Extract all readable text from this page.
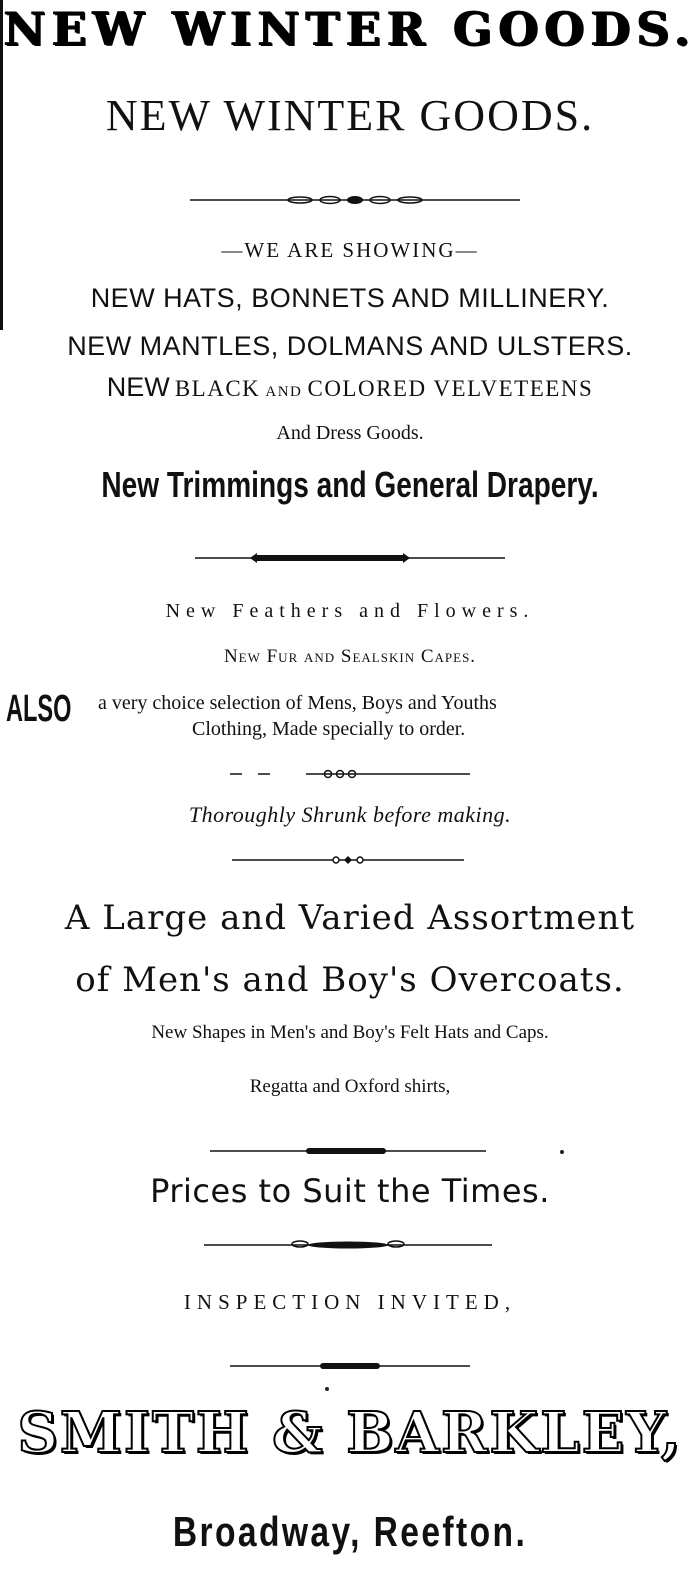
NEW WINTER GOODS.
NEW WINTER GOODS.
—WE ARE SHOWING—
NEW HATS, BONNETS AND MILLINERY.
NEW MANTLES, DOLMANS AND ULSTERS.
NEW BLACK AND COLORED VELVETEENS
And Dress Goods.
New Trimmings and General Drapery.
New Feathers and Flowers.
New Fur and Sealskin Capes.
ALSO a very choice selection of Mens, Boys and Youths
Clothing, Made specially to order.
Thoroughly Shrunk before making.
A Large and Varied Assortment
of Men's and Boy's Overcoats.
New Shapes in Men's and Boy's Felt Hats and Caps.
Regatta and Oxford shirts,
Prices to Suit the Times.
INSPECTION INVITED,
SMITH & BARKLEY,
Broadway, Reefton.
